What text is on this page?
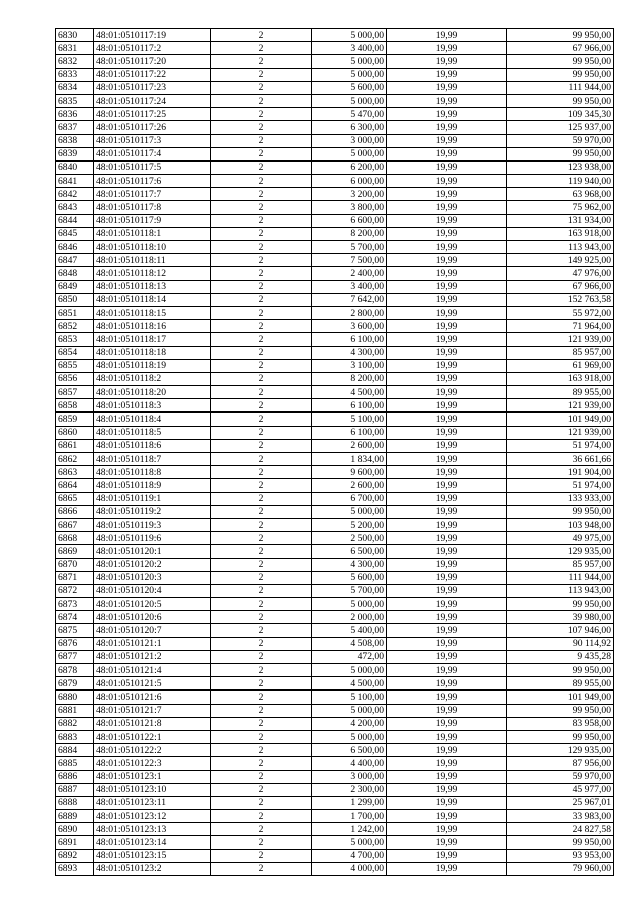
6830	48:01:0510117:19	2	5 000,00	19,99	99 950,00
6831	48:01:0510117:2	2	3 400,00	19,99	67 966,00
6832	48:01:0510117:20	2	5 000,00	19,99	99 950,00
6833	48:01:0510117:22	2	5 000,00	19,99	99 950,00
6834	48:01:0510117:23	2	5 600,00	19,99	111 944,00
6835	48:01:0510117:24	2	5 000,00	19,99	99 950,00
6836	48:01:0510117:25	2	5 470,00	19,99	109 345,30
6837	48:01:0510117:26	2	6 300,00	19,99	125 937,00
6838	48:01:0510117:3	2	3 000,00	19,99	59 970,00
6839	48:01:0510117:4	2	5 000,00	19,99	99 950,00
6840	48:01:0510117:5	2	6 200,00	19,99	123 938,00
6841	48:01:0510117:6	2	6 000,00	19,99	119 940,00
6842	48:01:0510117:7	2	3 200,00	19,99	63 968,00
6843	48:01:0510117:8	2	3 800,00	19,99	75 962,00
6844	48:01:0510117:9	2	6 600,00	19,99	131 934,00
6845	48:01:0510118:1	2	8 200,00	19,99	163 918,00
6846	48:01:0510118:10	2	5 700,00	19,99	113 943,00
6847	48:01:0510118:11	2	7 500,00	19,99	149 925,00
6848	48:01:0510118:12	2	2 400,00	19,99	47 976,00
6849	48:01:0510118:13	2	3 400,00	19,99	67 966,00
6850	48:01:0510118:14	2	7 642,00	19,99	152 763,58
6851	48:01:0510118:15	2	2 800,00	19,99	55 972,00
6852	48:01:0510118:16	2	3 600,00	19,99	71 964,00
6853	48:01:0510118:17	2	6 100,00	19,99	121 939,00
6854	48:01:0510118:18	2	4 300,00	19,99	85 957,00
6855	48:01:0510118:19	2	3 100,00	19,99	61 969,00
6856	48:01:0510118:2	2	8 200,00	19,99	163 918,00
6857	48:01:0510118:20	2	4 500,00	19,99	89 955,00
6858	48:01:0510118:3	2	6 100,00	19,99	121 939,00
6859	48:01:0510118:4	2	5 100,00	19,99	101 949,00
6860	48:01:0510118:5	2	6 100,00	19,99	121 939,00
6861	48:01:0510118:6	2	2 600,00	19,99	51 974,00
6862	48:01:0510118:7	2	1 834,00	19,99	36 661,66
6863	48:01:0510118:8	2	9 600,00	19,99	191 904,00
6864	48:01:0510118:9	2	2 600,00	19,99	51 974,00
6865	48:01:0510119:1	2	6 700,00	19,99	133 933,00
6866	48:01:0510119:2	2	5 000,00	19,99	99 950,00
6867	48:01:0510119:3	2	5 200,00	19,99	103 948,00
6868	48:01:0510119:6	2	2 500,00	19,99	49 975,00
6869	48:01:0510120:1	2	6 500,00	19,99	129 935,00
6870	48:01:0510120:2	2	4 300,00	19,99	85 957,00
6871	48:01:0510120:3	2	5 600,00	19,99	111 944,00
6872	48:01:0510120:4	2	5 700,00	19,99	113 943,00
6873	48:01:0510120:5	2	5 000,00	19,99	99 950,00
6874	48:01:0510120:6	2	2 000,00	19,99	39 980,00
6875	48:01:0510120:7	2	5 400,00	19,99	107 946,00
6876	48:01:0510121:1	2	4 508,00	19,99	90 114,92
6877	48:01:0510121:2	2	472,00	19,99	9 435,28
6878	48:01:0510121:4	2	5 000,00	19,99	99 950,00
6879	48:01:0510121:5	2	4 500,00	19,99	89 955,00
6880	48:01:0510121:6	2	5 100,00	19,99	101 949,00
6881	48:01:0510121:7	2	5 000,00	19,99	99 950,00
6882	48:01:0510121:8	2	4 200,00	19,99	83 958,00
6883	48:01:0510122:1	2	5 000,00	19,99	99 950,00
6884	48:01:0510122:2	2	6 500,00	19,99	129 935,00
6885	48:01:0510122:3	2	4 400,00	19,99	87 956,00
6886	48:01:0510123:1	2	3 000,00	19,99	59 970,00
6887	48:01:0510123:10	2	2 300,00	19,99	45 977,00
6888	48:01:0510123:11	2	1 299,00	19,99	25 967,01
6889	48:01:0510123:12	2	1 700,00	19,99	33 983,00
6890	48:01:0510123:13	2	1 242,00	19,99	24 827,58
6891	48:01:0510123:14	2	5 000,00	19,99	99 950,00
6892	48:01:0510123:15	2	4 700,00	19,99	93 953,00
6893	48:01:0510123:2	2	4 000,00	19,99	79 960,00
